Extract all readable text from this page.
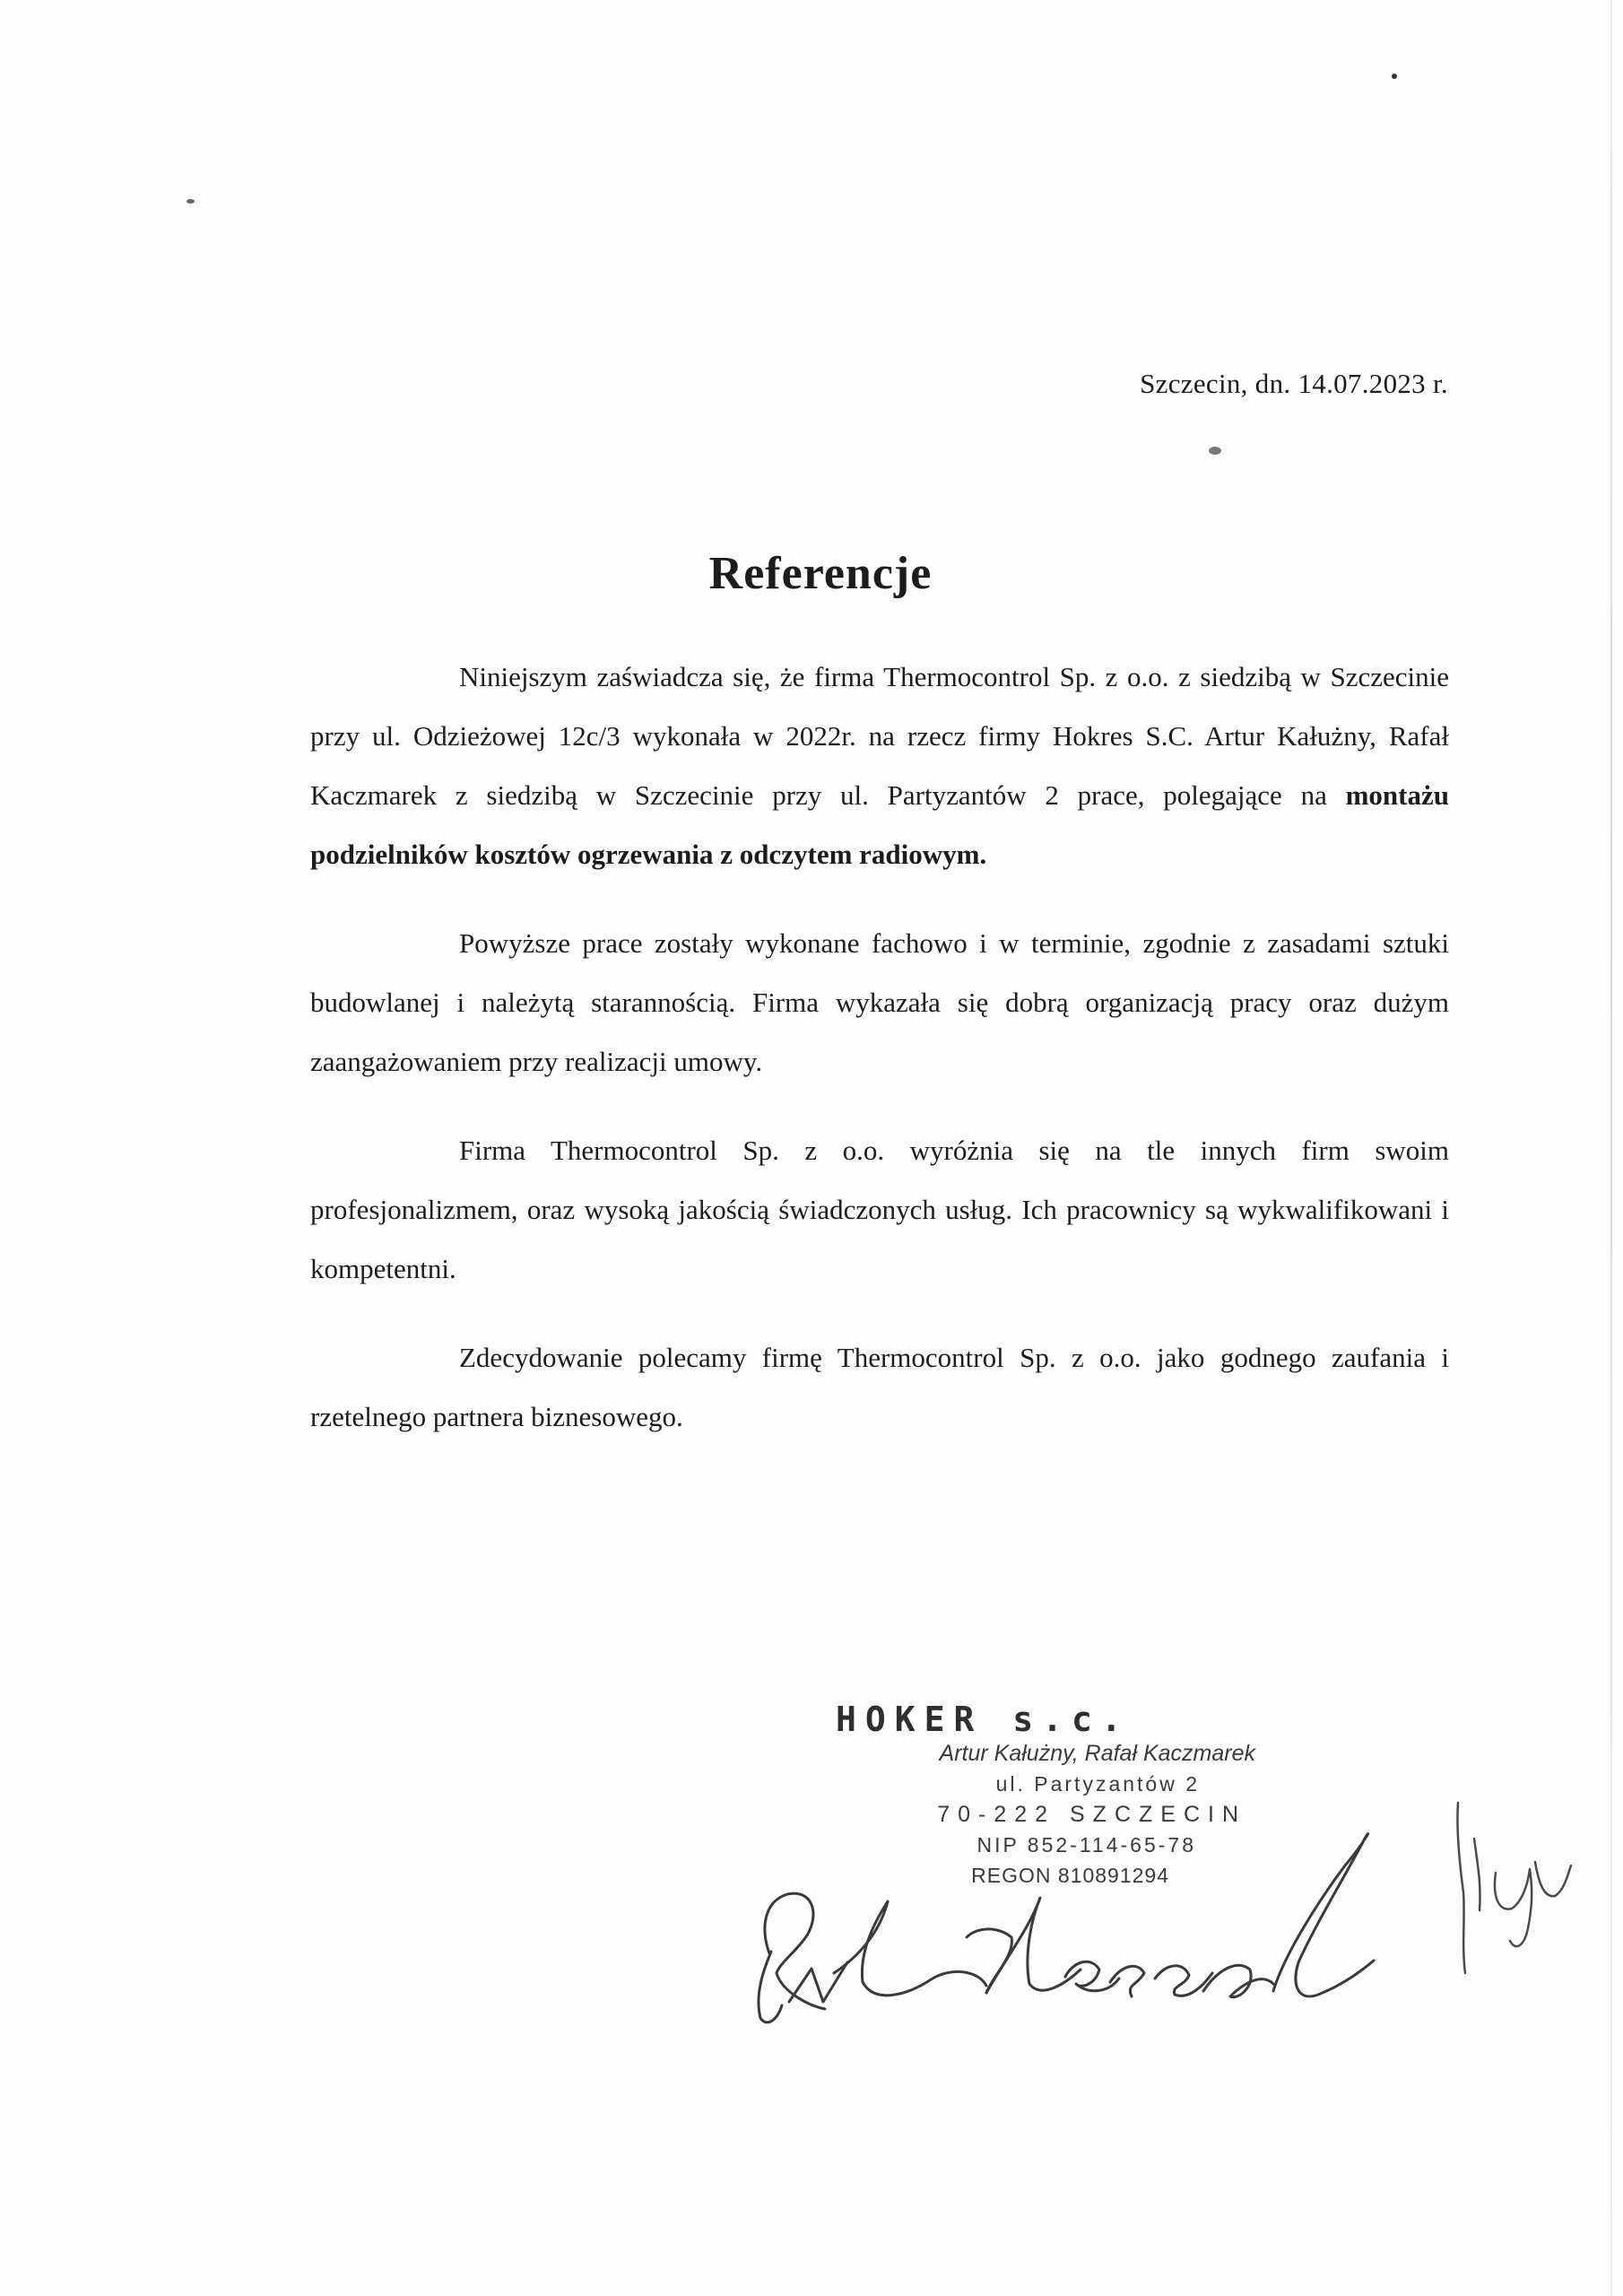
Szczecin, dn. 14.07.2023 r.
Referencje

Niniejszym zaświadcza się, że firma Thermocontrol Sp. z o.o. z siedzibą w Szczecinie przy ul. Odzieżowej 12c/3 wykonała w 2022r. na rzecz firmy Hokres S.C. Artur Kałużny, Rafał Kaczmarek z siedzibą w Szczecinie przy ul. Partyzantów 2 prace, polegające na montażu podzielników kosztów ogrzewania z odczytem radiowym.

Powyższe prace zostały wykonane fachowo i w terminie, zgodnie z zasadami sztuki budowlanej i należytą starannością. Firma wykazała się dobrą organizacją pracy oraz dużym zaangażowaniem przy realizacji umowy.

Firma Thermocontrol Sp. z o.o. wyróżnia się na tle innych firm swoim profesjonalizmem, oraz wysoką jakością świadczonych usług. Ich pracownicy są wykwalifikowani i kompetentni.

Zdecydowanie polecamy firmę Thermocontrol Sp. z o.o. jako godnego zaufania i rzetelnego partnera biznesowego.

HOKER s.c.
Artur Kałużny, Rafał Kaczmarek
ul. Partyzantów 2
70-222 SZCZECIN
NIP 852-114-65-78
REGON 810891294
